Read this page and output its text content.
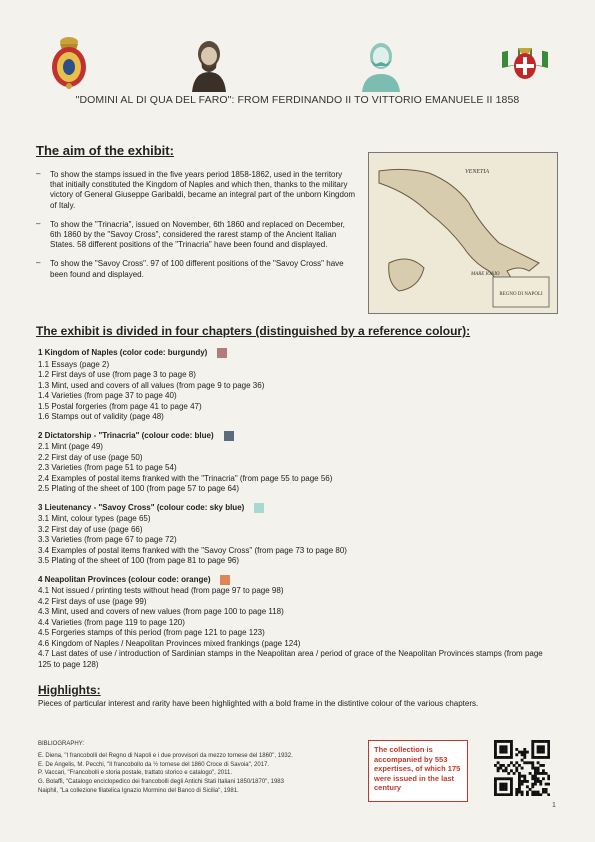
"DOMINI AL DI QUA DEL FARO": FROM FERDINANDO II TO VITTORIO EMANUELE II 1858
The aim of the exhibit:
– To show the stamps issued in the five years period 1858-1862, used in the territory that initially constituted the Kingdom of Naples and which then, thanks to the military victory of General Giuseppe Garibaldi, became an integral part of the unborn Kingdom of Italy.
– To show the "Trinacria", issued on November, 6th 1860 and replaced on December, 6th 1860 by the "Savoy Cross", considered the rarest stamp of the Ancient Italian States. 58 different positions of the "Trinacria" have been found and displayed.
– To show the "Savoy Cross". 97 of 100 different positions of the "Savoy Cross" have been found and displayed.
VENETIA
MARE IONIO
REGNO DI NAPOLI
The exhibit is divided in four chapters (distinguished by a reference colour):
1 Kingdom of Naples (color code: burgundy)
1.1 Essays (page 2)
1.2 First days of use (from page 3 to page 8)
1.3 Mint, used and covers of all values (from page 9 to page 36)
1.4 Varieties (from page 37 to page 40)
1.5 Postal forgeries (from page 41 to page 47)
1.6 Stamps out of validity (page 48)
2 Dictatorship - "Trinacria" (colour code: blue)
2.1 Mint (page 49)
2.2 First day of use (page 50)
2.3 Varieties (from page 51 to page 54)
2.4 Examples of postal items franked with the "Trinacria" (from page 55 to page 56)
2.5 Plating of the sheet of 100 (from page 57 to page 64)
3 Lieutenancy - "Savoy Cross" (colour code: sky blue)
3.1 Mint, colour types (page 65)
3.2 First day of use (page 66)
3.3 Varieties (from page 67 to page 72)
3.4 Examples of postal items franked with the "Savoy Cross" (from page 73 to page 80)
3.5 Plating of the sheet of 100 (from page 81 to page 96)
4 Neapolitan Provinces (colour code: orange)
4.1 Not issued / printing tests without head (from page 97 to page 98)
4.2 First days of use (page 99)
4.3 Mint, used and covers of new values (from page 100 to page 118)
4.4 Varieties (from page 119 to page 120)
4.5 Forgeries stamps of this period (from page 121 to page 123)
4.6 Kingdom of Naples / Neapolitan Provinces mixed frankings (page 124)
4.7 Last dates of use / introduction of Sardinian stamps in the Neapolitan area / period of grace of the Neapolitan Provinces stamps (from page 125 to page 128)
Highlights:
Pieces of particular interest and rarity have been highlighted with a bold frame in the distintive colour of the various chapters.
BIBLIOGRAPHY:
E. Diena, "I francobolli del Regno di Napoli e i due provvisori da mezzo tornese del 1860", 1932.
E. De Angelis, M. Pecchi, "Il francobollo da ½ tornese del 1860 Croce di Savoia", 2017.
P. Vaccari, "Francobolli e storia postale, trattato storico e catalogo", 2011.
G. Bolaffi, "Catalogo enciclopedico dei francobolli degli Antichi Stati Italiani 1850/1870", 1983
Naiphil, "La collezione filatelica Ignazio Mormino del Banco di Sicilia", 1981.
The collection is accompanied by 553 expertises, of which 175 were issued in the last century
1
